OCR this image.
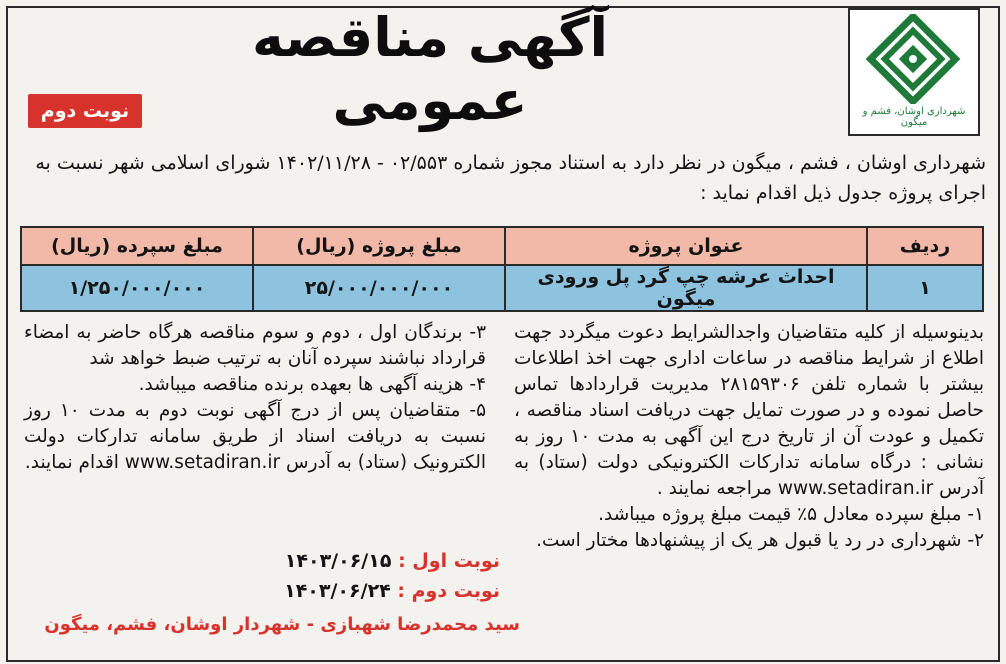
شهرداری اوشان، فشم و میگون
آگهی مناقصه عمومی
نوبت دوم
شهرداری اوشان ، فشم ، میگون در نظر دارد به استناد مجوز شماره ۰۲/۵۵۳ - ۱۴۰۲/۱۱/۲۸ شورای اسلامی شهر نسبت به اجرای پروژه جدول ذیل اقدام نماید :
ردیف	عنوان پروژه	مبلغ پروژه (ریال)	مبلغ سپرده (ریال)
۱	احداث عرشه چپ گرد پل ورودی میگون	۲۵/۰۰۰/۰۰۰/۰۰۰	۱/۲۵۰/۰۰۰/۰۰۰

بدینوسیله از کلیه متقاضیان واجدالشرایط دعوت میگردد جهت اطلاع از شرایط مناقصه در ساعات اداری جهت اخذ اطلاعات بیشتر با شماره تلفن ۲۸۱۵۹۳۰۶ مدیریت قراردادها تماس حاصل نموده و در صورت تمایل جهت دریافت اسناد مناقصه ، تکمیل و عودت آن از تاریخ درج این آگهی به مدت ۱۰ روز به نشانی : درگاه سامانه تدارکات الکترونیکی دولت (ستاد) به آدرس www.setadiran.ir مراجعه نمایند .

۱- مبلغ سپرده معادل ۵٪ قیمت مبلغ پروژه میباشد.

۲- شهرداری در رد یا قبول هر یک از پیشنهادها مختار است.

۳- برندگان اول ، دوم و سوم مناقصه هرگاه حاضر به امضاء قرارداد نباشند سپرده آنان به ترتیب ضبط خواهد شد

۴- هزینه آگهی ها بعهده برنده مناقصه میباشد.

۵- متقاضیان پس از درج آگهی نوبت دوم به مدت ۱۰ روز نسبت به دریافت اسناد از طریق سامانه تدارکات دولت الکترونیک (ستاد) به آدرس www.setadiran.ir اقدام نمایند.

نوبت اول : ۱۴۰۳/۰۶/۱۵
نوبت دوم : ۱۴۰۳/۰۶/۲۴
سید محمدرضا شهبازی - شهردار اوشان، فشم، میگون
